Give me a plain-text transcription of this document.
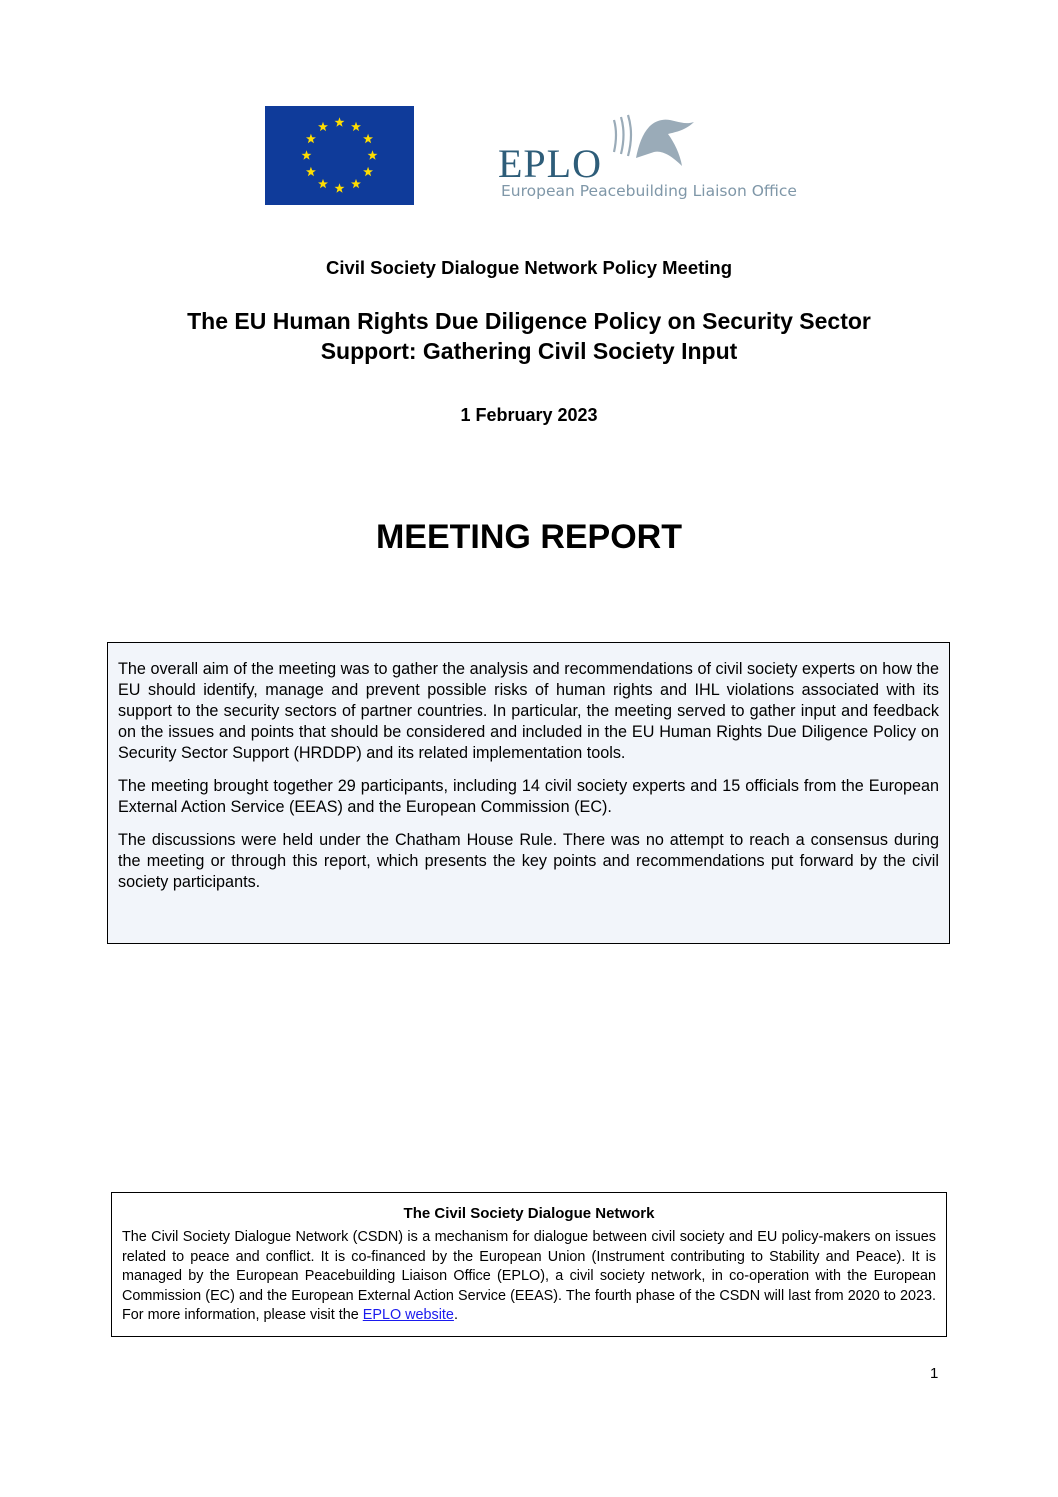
EPLO
European Peacebuilding Liaison Office
Civil Society Dialogue Network Policy Meeting
The EU Human Rights Due Diligence Policy on Security Sector
Support: Gathering Civil Society Input
1 February 2023
MEETING REPORT

The overall aim of the meeting was to gather the analysis and recommendations of civil society experts on how the EU should identify, manage and prevent possible risks of human rights and IHL violations associated with its support to the security sectors of partner countries. In particular, the meeting served to gather input and feedback on the issues and points that should be considered and included in the EU Human Rights Due Diligence Policy on Security Sector Support (HRDDP) and its related implementation tools.

The meeting brought together 29 participants, including 14 civil society experts and 15 officials from the European External Action Service (EEAS) and the European Commission (EC).

The discussions were held under the Chatham House Rule. There was no attempt to reach a consensus during the meeting or through this report, which presents the key points and recommendations put forward by the civil society participants.

The Civil Society Dialogue Network
The Civil Society Dialogue Network (CSDN) is a mechanism for dialogue between civil society and EU policy-makers on issues related to peace and conflict. It is co-financed by the European Union (Instrument contributing to Stability and Peace). It is managed by the European Peacebuilding Liaison Office (EPLO), a civil society network, in co-operation with the European Commission (EC) and the European External Action Service (EEAS). The fourth phase of the CSDN will last from 2020 to 2023. For more information, please visit the EPLO website.
1
